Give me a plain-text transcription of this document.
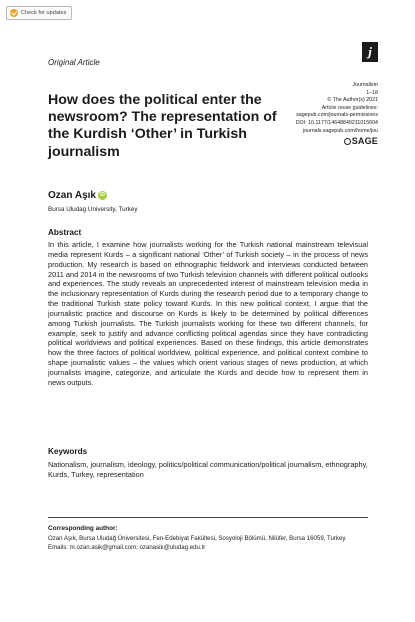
Check for updates
j
Original Article
Journalism
1–18
© The Author(s) 2021
Article reuse guidelines:
sagepub.com/journals-permissions
DOI: 10.1177/14648849211015604
journals.sagepub.com/home/jou
SAGE
How does the political enter the newsroom? The representation of the Kurdish ‘Other’ in Turkish journalism
Ozan Aşık iD
Bursa Uludag University, Turkey
Abstract
In this article, I examine how journalists working for the Turkish national mainstream televisual media represent Kurds – a significant national ‘Other’ of Turkish society – in the process of news production. My research is based on ethnographic fieldwork and interviews conducted between 2011 and 2014 in the newsrooms of two Turkish television channels with different political outlooks and experiences. The study reveals an unprecedented interest of mainstream television media in the inclusionary representation of Kurds during the research period due to a temporary change to the traditional Turkish state policy toward Kurds. In this new political context, I argue that the journalistic practice and discourse on Kurds is likely to be determined by political differences among Turkish journalists. The Turkish journalists working for these two different channels, for example, seek to justify and advance conflicting political agendas since they have contradicting political worldviews and political experiences. Based on these findings, this article demonstrates how the three factors of political worldview, political experience, and political context combine to shape journalistic values – the values which orient various stages of news production, at which journalists imagine, categorize, and articulate the Kurds and decide how to represent them in news outputs.
Keywords
Nationalism, journalism, ideology, politics/political communication/political journalism, ethnography, Kurds, Turkey, representation
Corresponding author:
Ozan Aşık, Bursa Uludağ Üniversitesi, Fen-Edebiyat Fakültesi, Sosyoloji Bölümü, Nilüfer, Bursa 16059, Turkey.
Emails: m.ozan.asik@gmail.com; ozanasik@uludag.edu.tr
